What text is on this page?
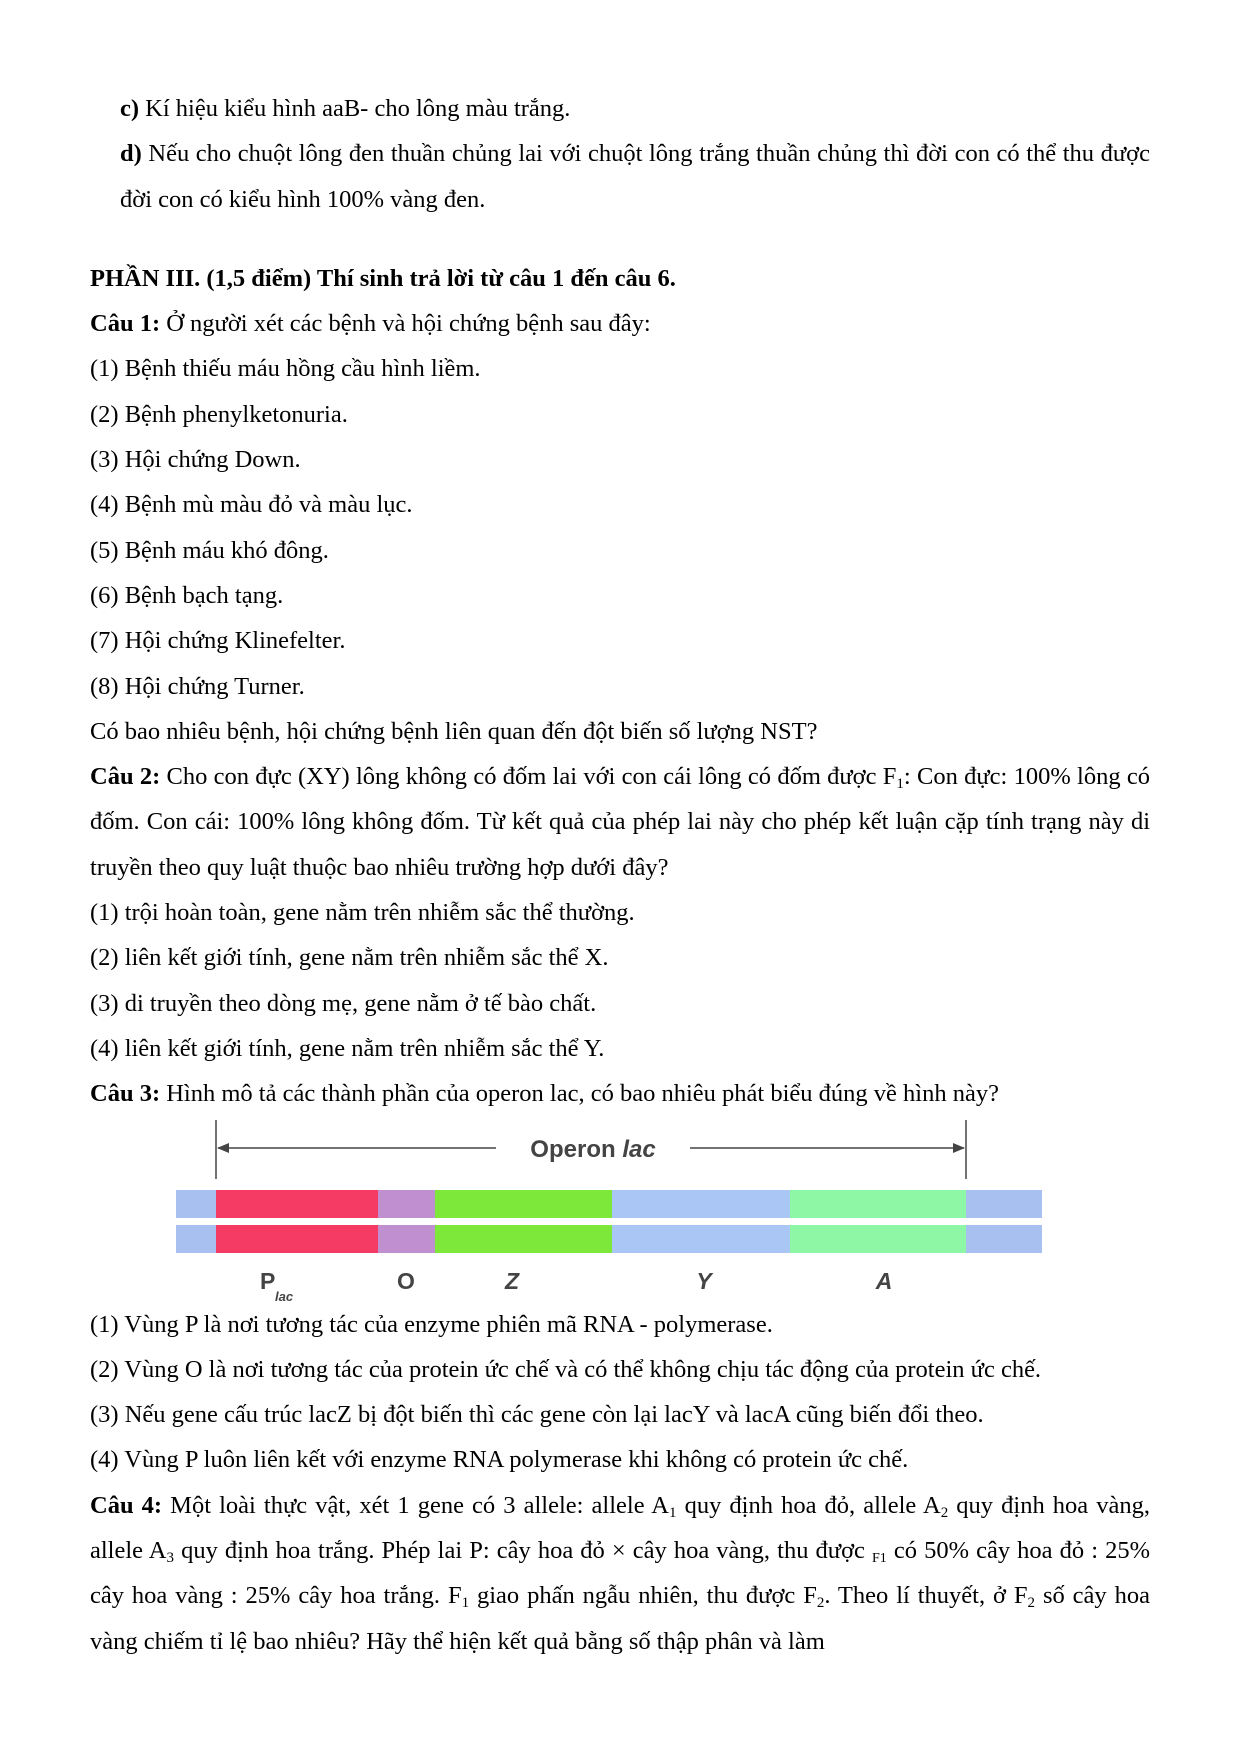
c) Kí hiệu kiểu hình aaB- cho lông màu trắng.

d) Nếu cho chuột lông đen thuần chủng lai với chuột lông trắng thuần chủng thì đời con có thể thu được đời con có kiểu hình 100% vàng đen.

PHẦN III. (1,5 điểm) Thí sinh trả lời từ câu 1 đến câu 6.

Câu 1: Ở người xét các bệnh và hội chứng bệnh sau đây:

(1) Bệnh thiếu máu hồng cầu hình liềm.

(2) Bệnh phenylketonuria.

(3) Hội chứng Down.

(4) Bệnh mù màu đỏ và màu lục.

(5) Bệnh máu khó đông.

(6) Bệnh bạch tạng.

(7) Hội chứng Klinefelter.

(8) Hội chứng Turner.

Có bao nhiêu bệnh, hội chứng bệnh liên quan đến đột biến số lượng NST?

Câu 2: Cho con đực (XY) lông không có đốm lai với con cái lông có đốm được $F_1$: Con đực: 100% lông có đốm. Con cái: 100% lông không đốm. Từ kết quả của phép lai này cho phép kết luận cặp tính trạng này di truyền theo quy luật thuộc bao nhiêu trường hợp dưới đây?

(1) trội hoàn toàn, gene nằm trên nhiễm sắc thể thường.

(2) liên kết giới tính, gene nằm trên nhiễm sắc thể X.

(3) di truyền theo dòng mẹ, gene nằm ở tế bào chất.

(4) liên kết giới tính, gene nằm trên nhiễm sắc thể Y.

Câu 3: Hình mô tả các thành phần của operon lac, có bao nhiêu phát biểu đúng về hình này?

Operon lac
P
lac
O	Z	Y	A

(1) Vùng P là nơi tương tác của enzyme phiên mã RNA - polymerase.

(2) Vùng O là nơi tương tác của protein ức chế và có thể không chịu tác động của protein ức chế.

(3) Nếu gene cấu trúc lacZ bị đột biến thì các gene còn lại lacY và lacA cũng biến đổi theo.

(4) Vùng P luôn liên kết với enzyme RNA polymerase khi không có protein ức chế.

Câu 4: Một loài thực vật, xét 1 gene có 3 allele: allele $A_1$ quy định hoa đỏ, allele $A_2$ quy định hoa vàng, allele $A_3$ quy định hoa trắng. Phép lai P: cây hoa đỏ × cây hoa vàng, thu được $_{F1}$ có 50% cây hoa đỏ : 25% cây hoa vàng : 25% cây hoa trắng. $F_1$ giao phấn ngẫu nhiên, thu được $F_2$. Theo lí thuyết, ở $F_2$ số cây hoa vàng chiếm tỉ lệ bao nhiêu? Hãy thể hiện kết quả bằng số thập phân và làm
